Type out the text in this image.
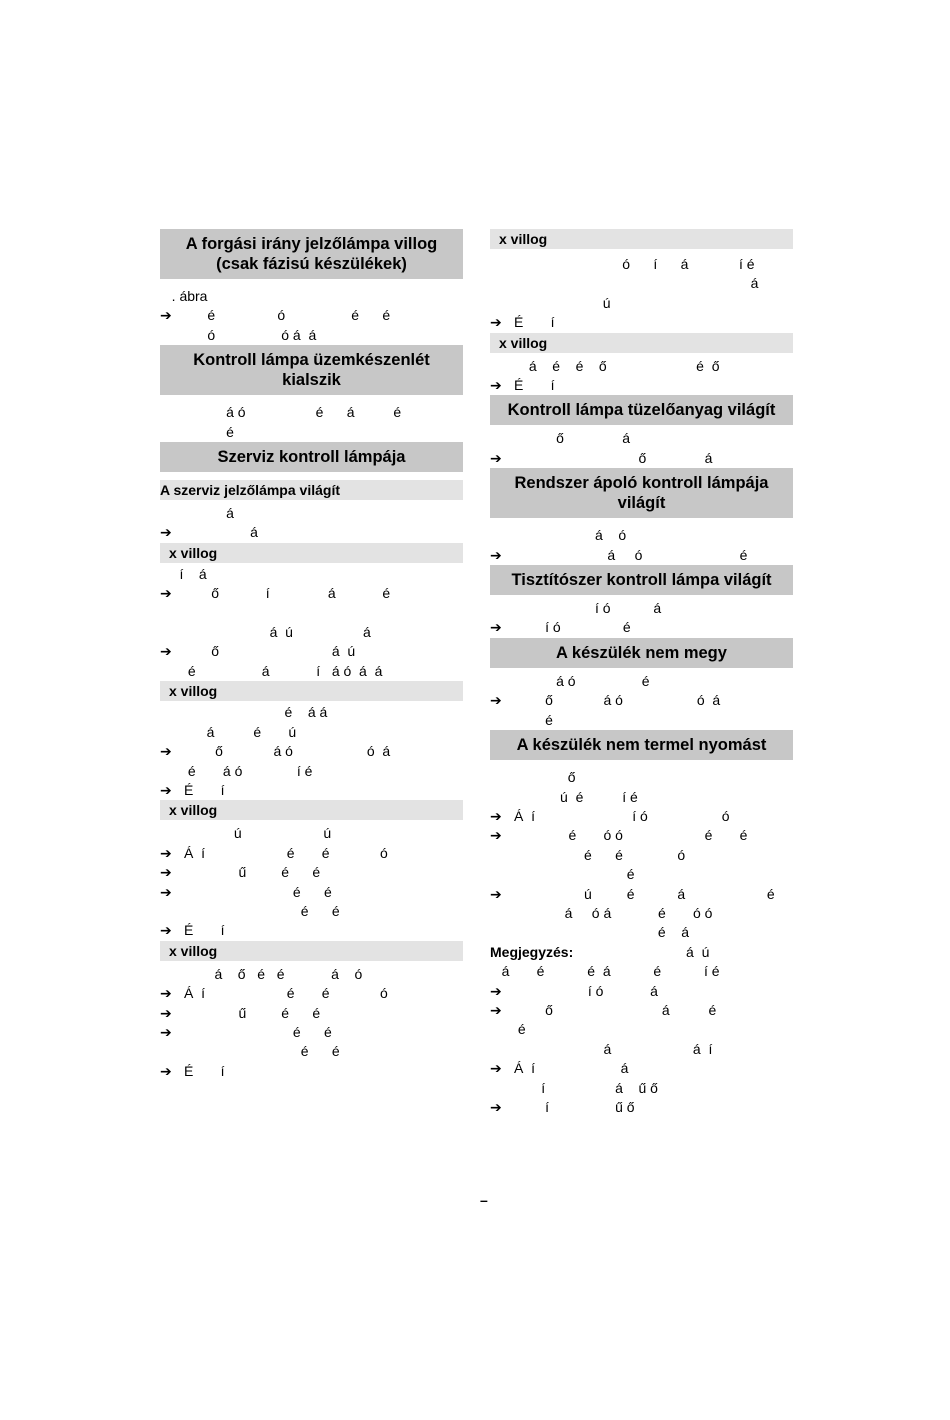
A forgási irány jelzőlámpa villog
(csak fázisú készülékek)
. ábra
➔	é                ó                 é      é
ó                 ó á  á
Kontroll lámpa üzemkészenlét
kialszik
á ó                  é      á          é
é
Szerviz kontroll lámpája
A szerviz jelzőlámpa világít
á
➔ á
x villog
í    á
➔	ő            í               á            é

á  ú                  á
➔	ő                             á  ú
é                 á            í   á ó  á  á
x villog
é    á á
á          é       ú
➔	ő             á ó                   ó  á
é       á ó              í é
➔ É       í
x villog
ú                     ú
➔ Á  í                     é       é             ó
➔ ű         é      é
➔	é      é
é      é
➔ É       í
x villog
á    ő   é   é            á    ó
➔ Á  í                     é       é             ó
➔ ű         é      é
➔	é      é
é      é
➔ É       í
x villog
ó      í      á             í é
á
ú
➔ É       í
x villog
á    é    é    ő                       é  ő
➔ É       í
Kontroll lámpa tüzelőanyag világít
ő               á
➔ ő               á
Rendszer ápoló kontroll lámpája
világít
á    ó
➔ á     ó                         é
Tisztítószer kontroll lámpa világít
í ó           á
➔ í ó                é
A készülék nem megy
á ó                 é
➔	ő             á ó                   ó  á
é
A készülék nem termel nyomást
ő
ú  é          í é
➔ Á  í                         í ó                   ó

➔	é       ó ó                     é       é
é      é              ó
é
➔	ú         é           á                     é
á     ó á            é       ó ó
é    á
Megjegyzés:	á  ú
á       é           é  á           é           í é

➔ í ó            á
➔	ő                            á          é
é
á                     á  í
➔ Á  í                      á
í                  á    ű ő
➔ í                 ű ő
–
